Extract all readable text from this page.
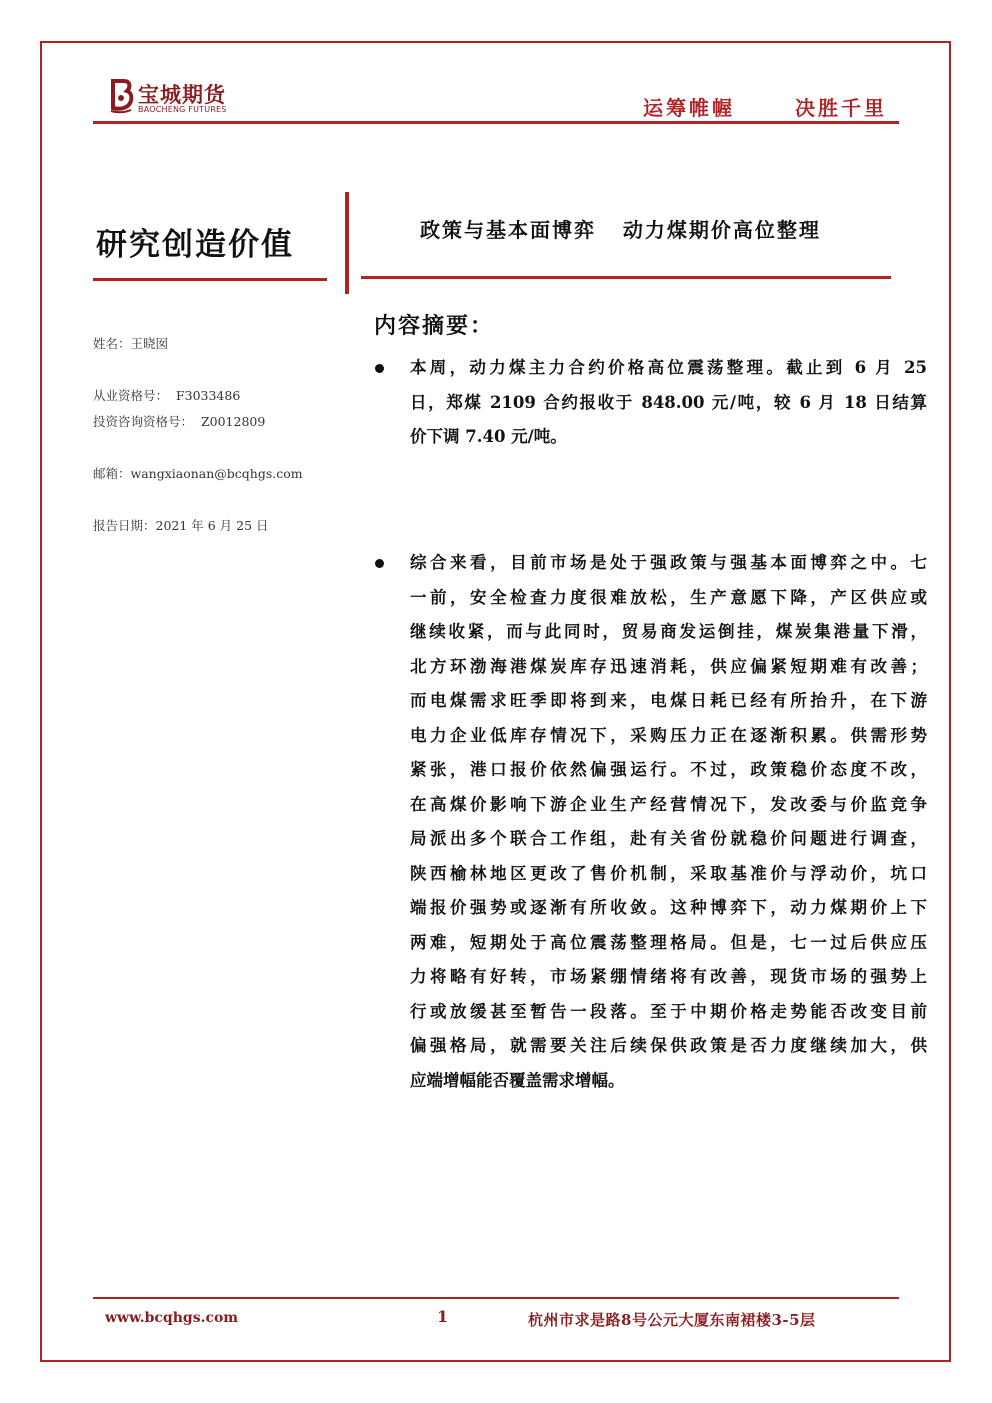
宝城期货
BAOCHENG FUTURES	运筹帷幄	决胜千里
研究创造价值	政策与基本面博弈   动力煤期价高位整理
姓名：王晓囡
从业资格号：  F3033486
投资咨询资格号：  Z0012809
邮箱：wangxiaonan@bcqhgs.com
报告日期：2021 年 6 月 25 日
内容摘要：
本周，动力煤主力合约价格高位震荡整理。截止到 6 月 25
日，郑煤 2109 合约报收于 848.00 元/吨，较 6 月 18 日结算
价下调 7.40 元/吨。
综合来看，目前市场是处于强政策与强基本面博弈之中。七
一前，安全检查力度很难放松，生产意愿下降，产区供应或
继续收紧，而与此同时，贸易商发运倒挂，煤炭集港量下滑，
北方环渤海港煤炭库存迅速消耗，供应偏紧短期难有改善；
而电煤需求旺季即将到来，电煤日耗已经有所抬升，在下游
电力企业低库存情况下，采购压力正在逐渐积累。供需形势
紧张，港口报价依然偏强运行。不过，政策稳价态度不改，
在高煤价影响下游企业生产经营情况下，发改委与价监竞争
局派出多个联合工作组，赴有关省份就稳价问题进行调查，
陕西榆林地区更改了售价机制，采取基准价与浮动价，坑口
端报价强势或逐渐有所收敛。这种博弈下，动力煤期价上下
两难，短期处于高位震荡整理格局。但是，七一过后供应压
力将略有好转，市场紧绷情绪将有改善，现货市场的强势上
行或放缓甚至暂告一段落。至于中期价格走势能否改变目前
偏强格局，就需要关注后续保供政策是否力度继续加大，供
应端增幅能否覆盖需求增幅。
www.bcqhgs.com	1	杭州市求是路8号公元大厦东南裙楼3-5层
